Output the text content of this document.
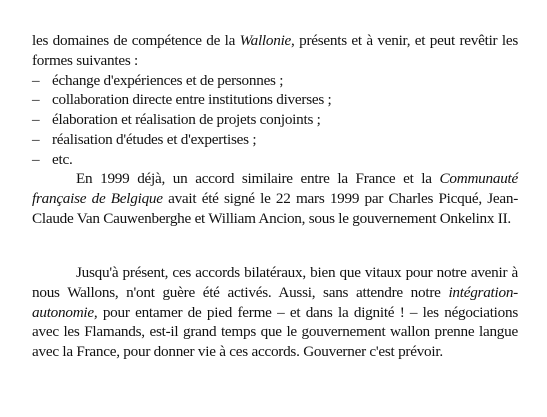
les domaines de compétence de la Wallonie, présents et à venir, et peut revêtir les formes suivantes :
– échange d'expériences et de personnes ;
– collaboration directe entre institutions diverses ;
– élaboration et réalisation de projets conjoints ;
– réalisation d'études et d'expertises ;
– etc.
En 1999 déjà, un accord similaire entre la France et la Communauté française de Belgique avait été signé le 22 mars 1999 par Charles Picqué, Jean-Claude Van Cauwenberghe et William Ancion, sous le gouvernement Onkelinx II.
Jusqu'à présent, ces accords bilatéraux, bien que vitaux pour notre avenir à nous Wallons, n'ont guère été activés. Aussi, sans attendre notre intégration-autonomie, pour entamer de pied ferme – et dans la dignité ! – les négociations avec les Flamands, est-il grand temps que le gouvernement wallon prenne langue avec la France, pour donner vie à ces accords. Gouverner c'est prévoir.
